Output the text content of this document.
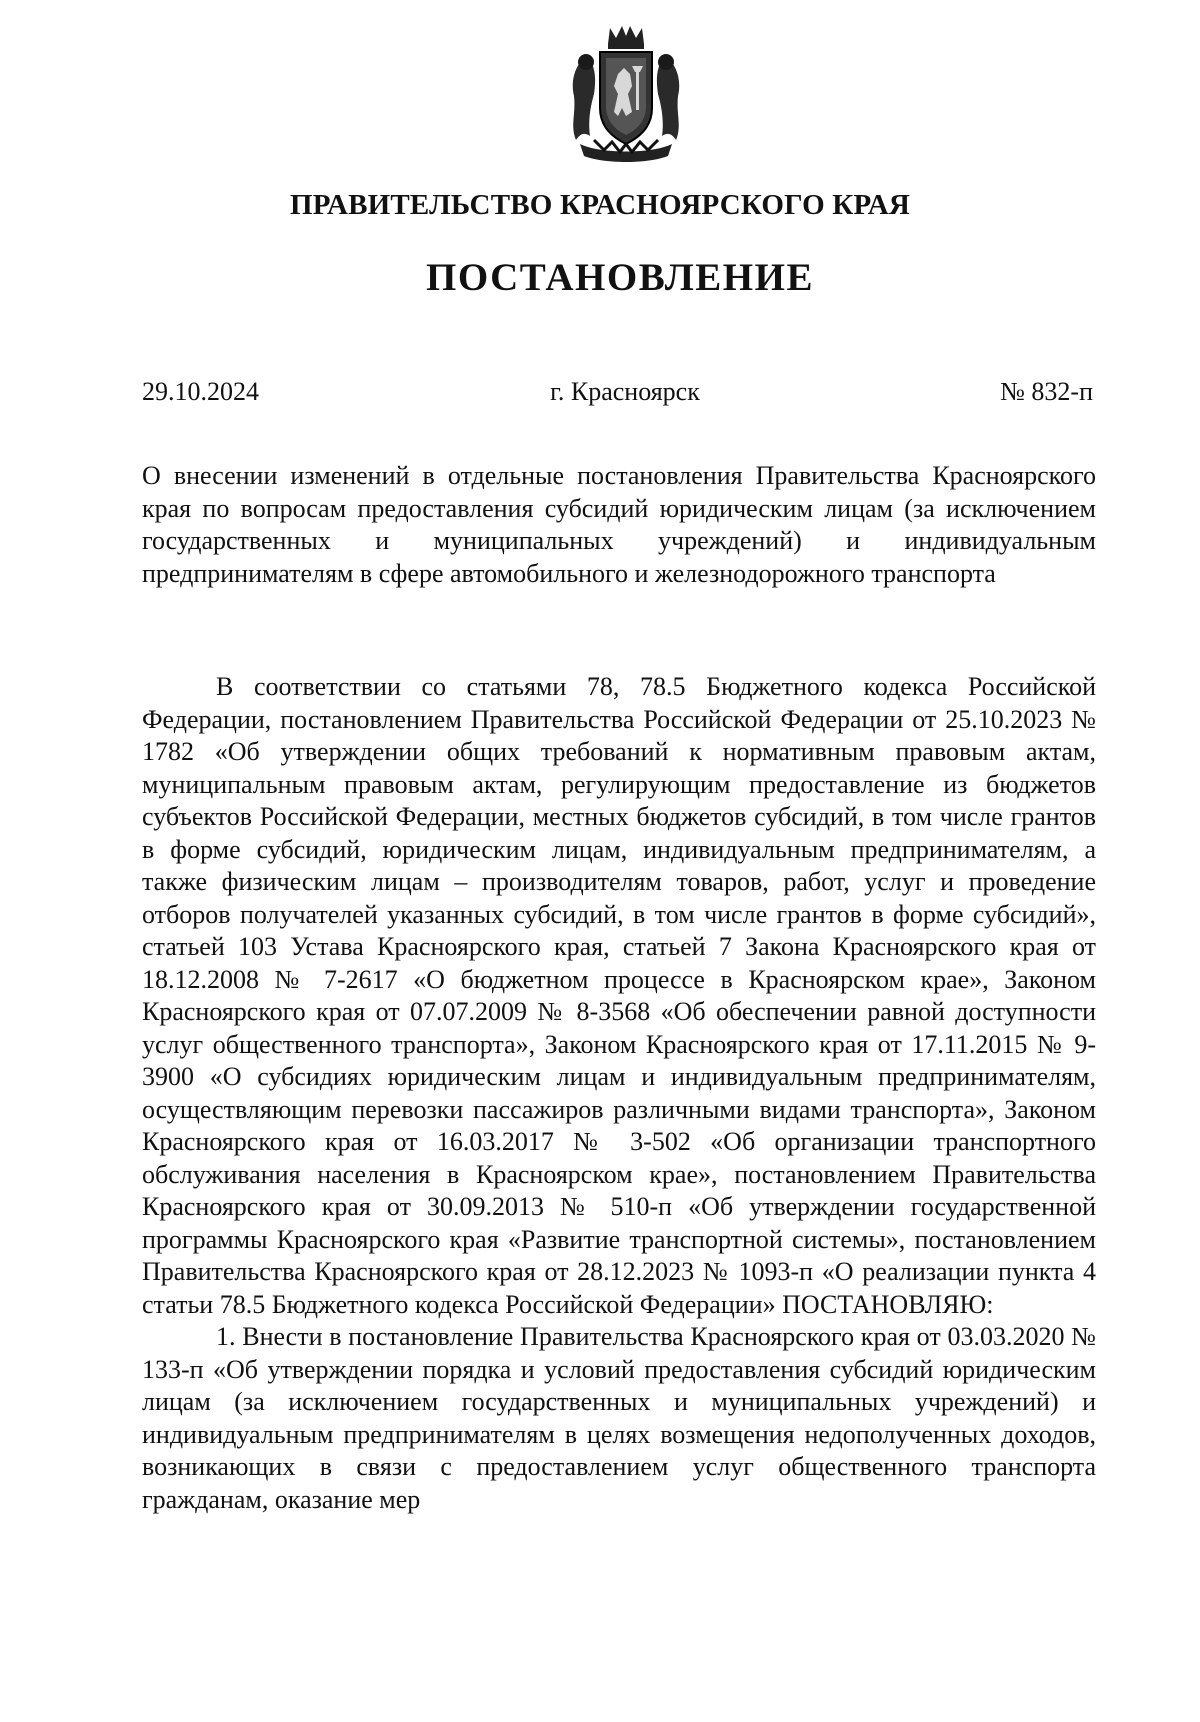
ПРАВИТЕЛЬСТВО КРАСНОЯРСКОГО КРАЯ
ПОСТАНОВЛЕНИЕ
29.10.2024	г. Красноярск	№ 832-п
О внесении изменений в отдельные постановления Правительства Красноярского края по вопросам предоставления субсидий юридическим лицам (за исключением государственных и муниципальных учреждений) и индивидуальным предпринимателям в сфере автомобильного и железнодорожного транспорта

В соответствии со статьями 78, 78.5 Бюджетного кодекса Российской Федерации, постановлением Правительства Российской Федерации от 25.10.2023 № 1782 «Об утверждении общих требований к нормативным правовым актам, муниципальным правовым актам, регулирующим предоставление из бюджетов субъектов Российской Федерации, местных бюджетов субсидий, в том числе грантов в форме субсидий, юридическим лицам, индивидуальным предпринимателям, а также физическим лицам – производителям товаров, работ, услуг и проведение отборов получателей указанных субсидий, в том числе грантов в форме субсидий», статьей 103 Устава Красноярского края, статьей 7 Закона Красноярского края от 18.12.2008 № 7-2617 «О бюджетном процессе в Красноярском крае», Законом Красноярского края от 07.07.2009 № 8-3568 «Об обеспечении равной доступности услуг общественного транспорта», Законом Красноярского края от 17.11.2015 № 9-3900 «О субсидиях юридическим лицам и индивидуальным предпринимателям, осуществляющим перевозки пассажиров различными видами транспорта», Законом Красноярского края от 16.03.2017 № 3-502 «Об организации транспортного обслуживания населения в Красноярском крае», постановлением Правительства Красноярского края от 30.09.2013 № 510-п «Об утверждении государственной программы Красноярского края «Развитие транспортной системы», постановлением Правительства Красноярского края от 28.12.2023 № 1093-п «О реализации пункта 4 статьи 78.5 Бюджетного кодекса Российской Федерации» ПОСТАНОВЛЯЮ:

1. Внести в постановление Правительства Красноярского края от 03.03.2020 № 133-п «Об утверждении порядка и условий предоставления субсидий юридическим лицам (за исключением государственных и муниципальных учреждений) и индивидуальным предпринимателям в целях возмещения недополученных доходов, возникающих в связи с предоставлением услуг общественного транспорта гражданам, оказание мер
